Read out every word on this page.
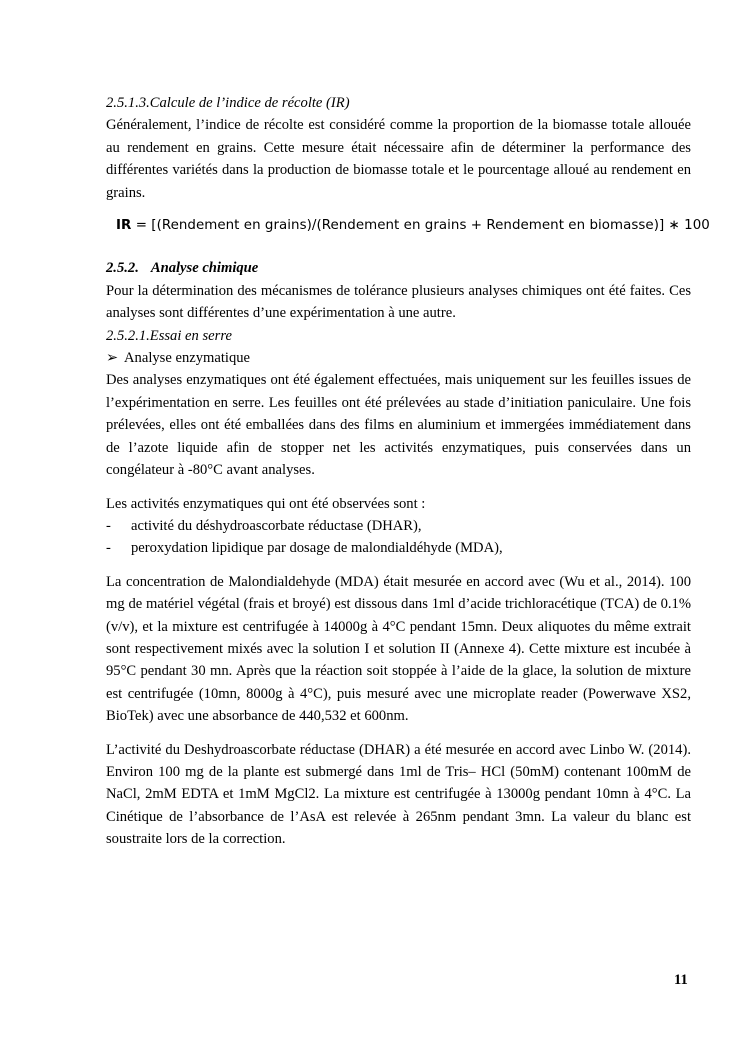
2.5.1.3.Calcule de l’indice de récolte (IR)

Généralement, l’indice de récolte est considéré comme la proportion de la biomasse totale allouée au rendement en grains. Cette mesure était nécessaire afin de déterminer la performance des différentes variétés dans la production de biomasse totale et le pourcentage alloué au rendement en grains.

IR = [(Rendement en grains)/(Rendement en grains + Rendement en biomasse)] ∗ 100
2.5.2. Analyse chimique

Pour la détermination des mécanismes de tolérance plusieurs analyses chimiques ont été faites. Ces analyses sont différentes d’une expérimentation à une autre.

2.5.2.1.Essai en serre
➢ Analyse enzymatique

Des analyses enzymatiques ont été également effectuées, mais uniquement sur les feuilles issues de l’expérimentation en serre. Les feuilles ont été prélevées au stade d’initiation paniculaire. Une fois prélevées, elles ont été emballées dans des films en aluminium et immergées immédiatement dans de l’azote liquide afin de stopper net les activités enzymatiques, puis conservées dans un congélateur à -80°C avant analyses.

Les activités enzymatiques qui ont été observées sont :

- activité du déshydroascorbate réductase (DHAR),
- peroxydation lipidique par dosage de malondialdéhyde (MDA),

La concentration de Malondialdehyde (MDA) était mesurée en accord avec (Wu et al., 2014). 100 mg de matériel végétal (frais et broyé) est dissous dans 1ml d’acide trichloracétique (TCA) de 0.1% (v/v), et la mixture est centrifugée à 14000g à 4°C pendant 15mn. Deux aliquotes du même extrait sont respectivement mixés avec la solution I et solution II (Annexe 4). Cette mixture est incubée à 95°C pendant 30 mn. Après que la réaction soit stoppée à l’aide de la glace, la solution de mixture est centrifugée (10mn, 8000g à 4°C), puis mesuré avec une microplate reader (Powerwave XS2, BioTek) avec une absorbance de 440,532 et 600nm.

L’activité du Deshydroascorbate réductase (DHAR) a été mesurée en accord avec Linbo W. (2014). Environ 100 mg de la plante est submergé dans 1ml de Tris– HCl (50mM) contenant 100mM de NaCl, 2mM EDTA et 1mM MgCl2. La mixture est centrifugée à 13000g pendant 10mn à 4°C. La Cinétique de l’absorbance de l’AsA est relevée à 265nm pendant 3mn. La valeur du blanc est soustraite lors de la correction.

11
